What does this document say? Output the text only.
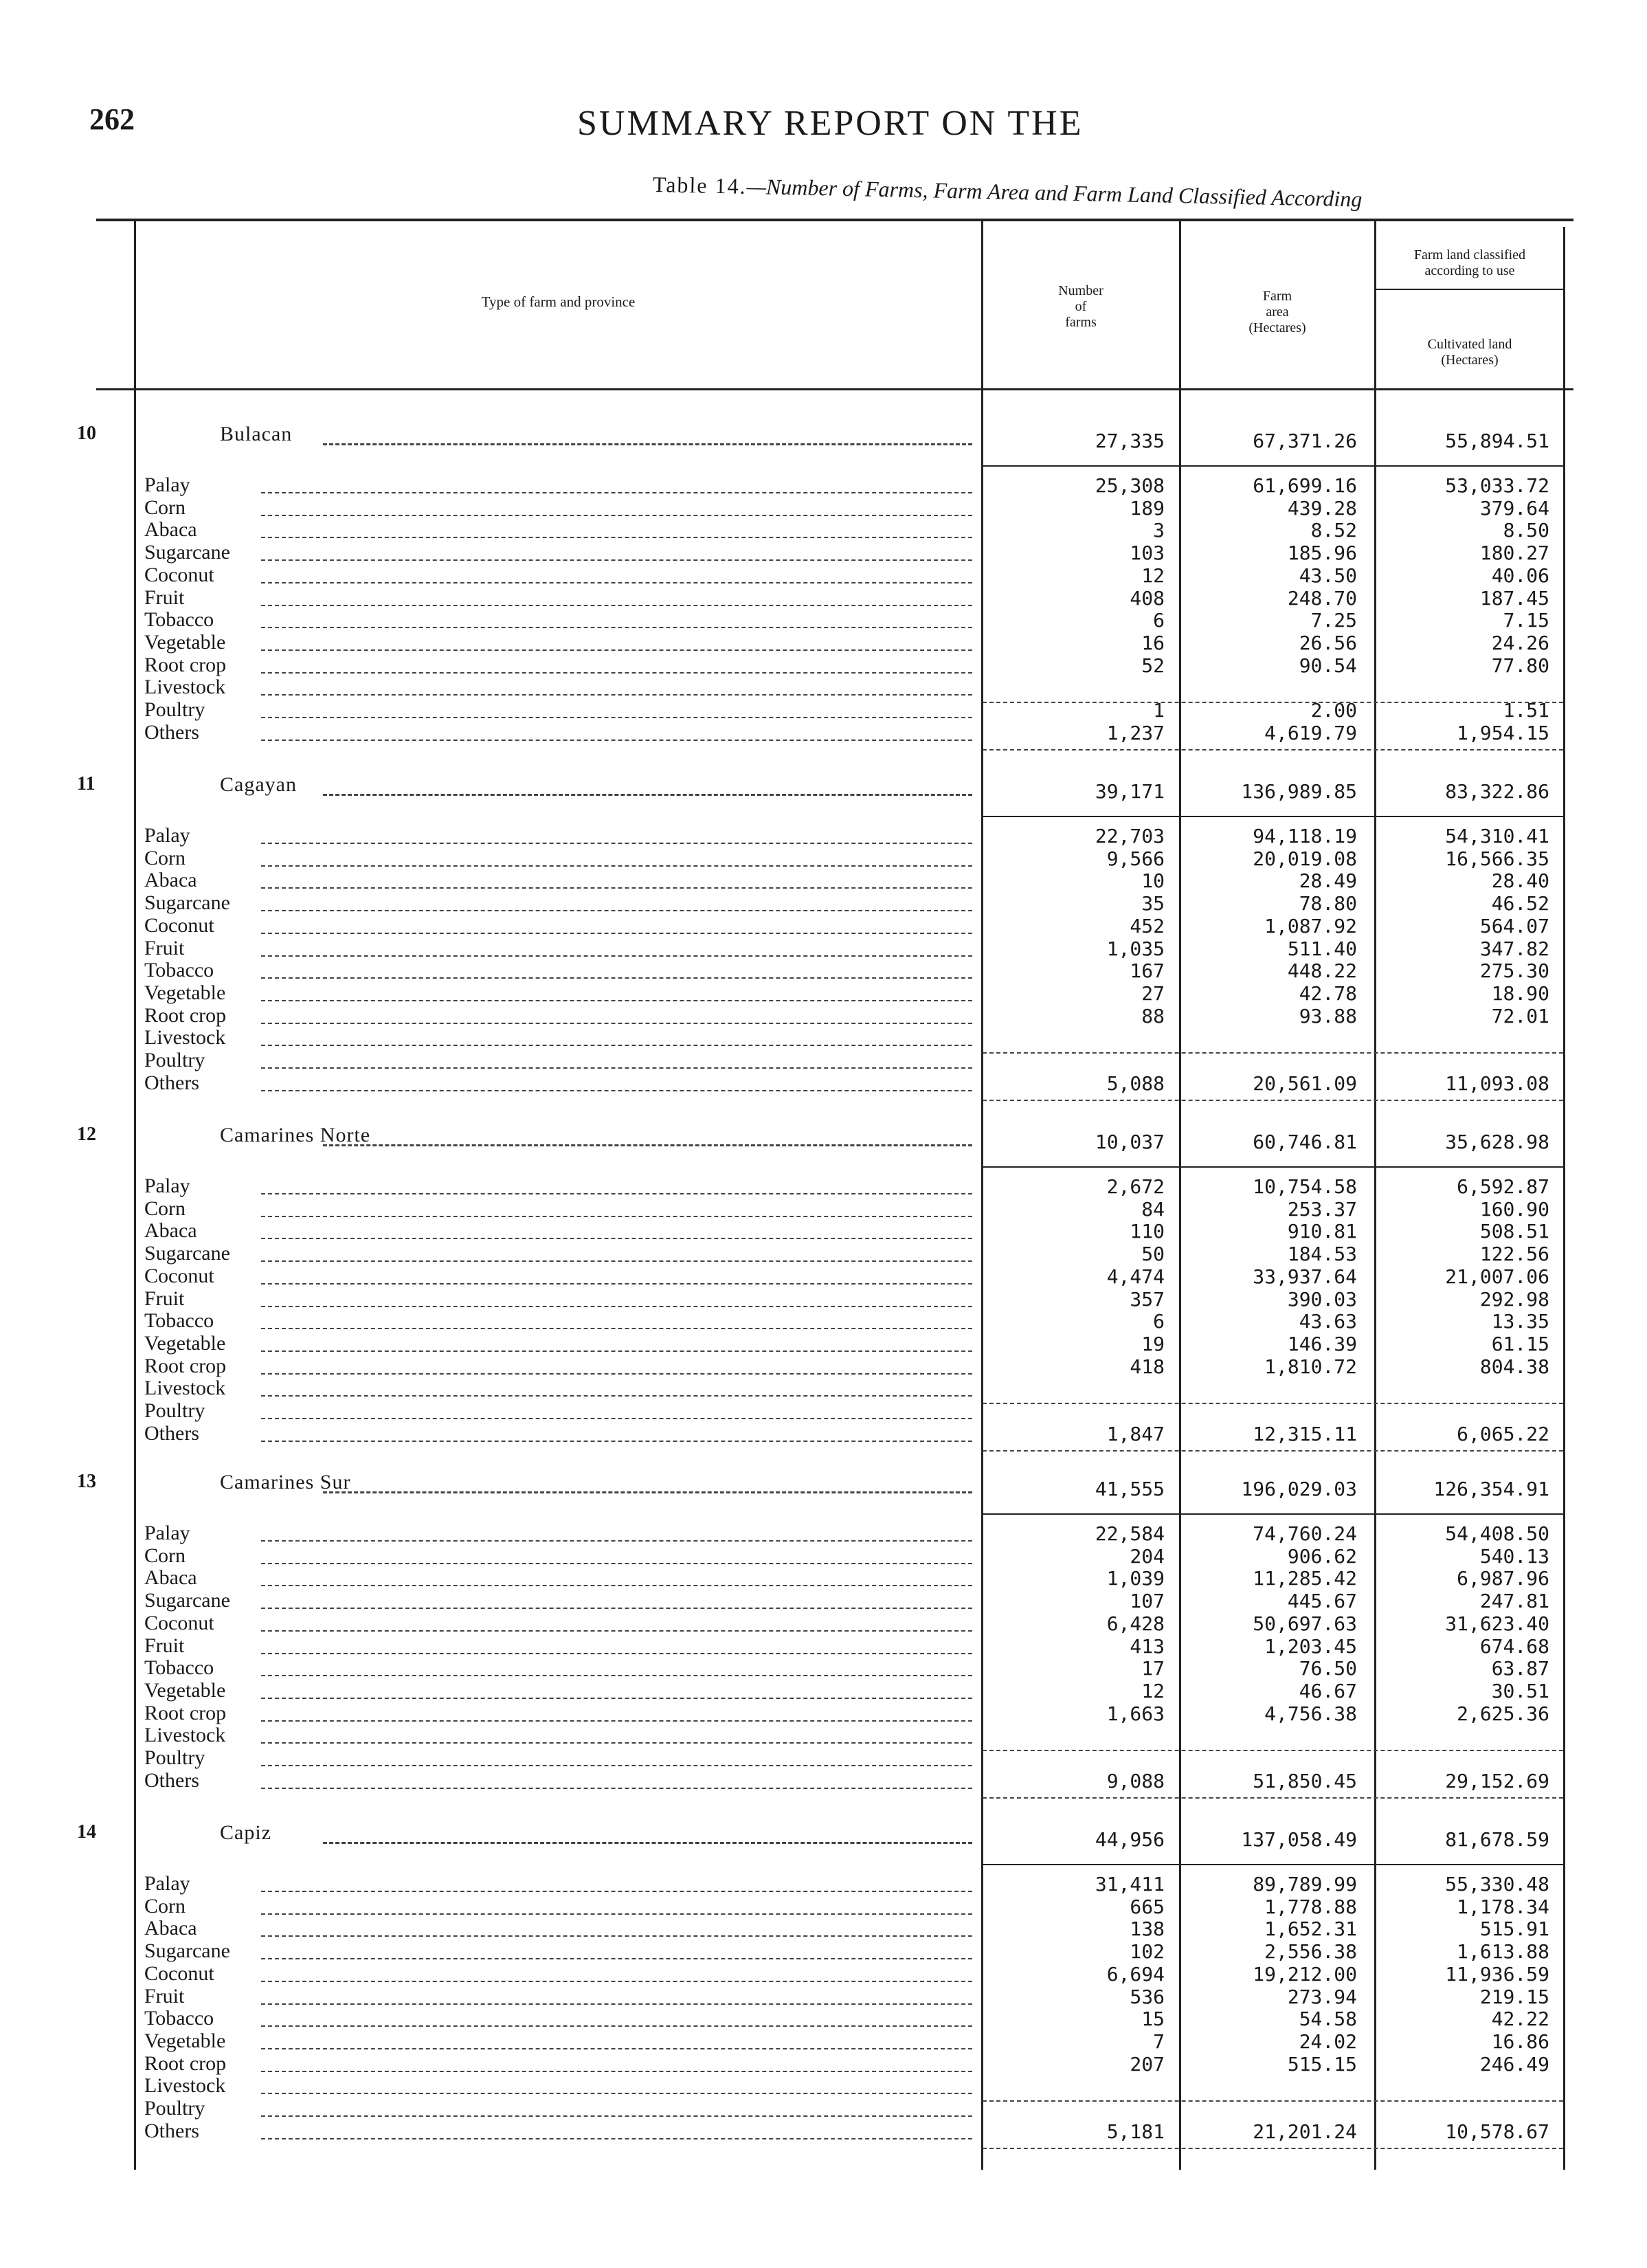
262	SUMMARY REPORT ON THE
Table 14.—Number of Farms, Farm Area and Farm Land Classified According
Type of farm and province
Number
of
farms
Farm
area
(Hectares)
Farm land classified
according to use
Cultivated land
(Hectares)
10	Bulacan	27,335	67,371.26	55,894.51
Palay	25,308	61,699.16	53,033.72
Corn	189	439.28	379.64
Abaca	3	8.52	8.50
Sugarcane	103	185.96	180.27
Coconut	12	43.50	40.06
Fruit	408	248.70	187.45
Tobacco	6	7.25	7.15
Vegetable	16	26.56	24.26
Root crop	52	90.54	77.80
Livestock
Poultry	1	2.00	1.51
Others	1,237	4,619.79	1,954.15
11	Cagayan	39,171	136,989.85	83,322.86
Palay	22,703	94,118.19	54,310.41
Corn	9,566	20,019.08	16,566.35
Abaca	10	28.49	28.40
Sugarcane	35	78.80	46.52
Coconut	452	1,087.92	564.07
Fruit	1,035	511.40	347.82
Tobacco	167	448.22	275.30
Vegetable	27	42.78	18.90
Root crop	88	93.88	72.01
Livestock
Poultry
Others	5,088	20,561.09	11,093.08
12	Camarines Norte	10,037	60,746.81	35,628.98
Palay	2,672	10,754.58	6,592.87
Corn	84	253.37	160.90
Abaca	110	910.81	508.51
Sugarcane	50	184.53	122.56
Coconut	4,474	33,937.64	21,007.06
Fruit	357	390.03	292.98
Tobacco	6	43.63	13.35
Vegetable	19	146.39	61.15
Root crop	418	1,810.72	804.38
Livestock
Poultry
Others	1,847	12,315.11	6,065.22
13	Camarines Sur	41,555	196,029.03	126,354.91
Palay	22,584	74,760.24	54,408.50
Corn	204	906.62	540.13
Abaca	1,039	11,285.42	6,987.96
Sugarcane	107	445.67	247.81
Coconut	6,428	50,697.63	31,623.40
Fruit	413	1,203.45	674.68
Tobacco	17	76.50	63.87
Vegetable	12	46.67	30.51
Root crop	1,663	4,756.38	2,625.36
Livestock
Poultry
Others	9,088	51,850.45	29,152.69
14	Capiz	44,956	137,058.49	81,678.59
Palay	31,411	89,789.99	55,330.48
Corn	665	1,778.88	1,178.34
Abaca	138	1,652.31	515.91
Sugarcane	102	2,556.38	1,613.88
Coconut	6,694	19,212.00	11,936.59
Fruit	536	273.94	219.15
Tobacco	15	54.58	42.22
Vegetable	7	24.02	16.86
Root crop	207	515.15	246.49
Livestock
Poultry
Others	5,181	21,201.24	10,578.67
